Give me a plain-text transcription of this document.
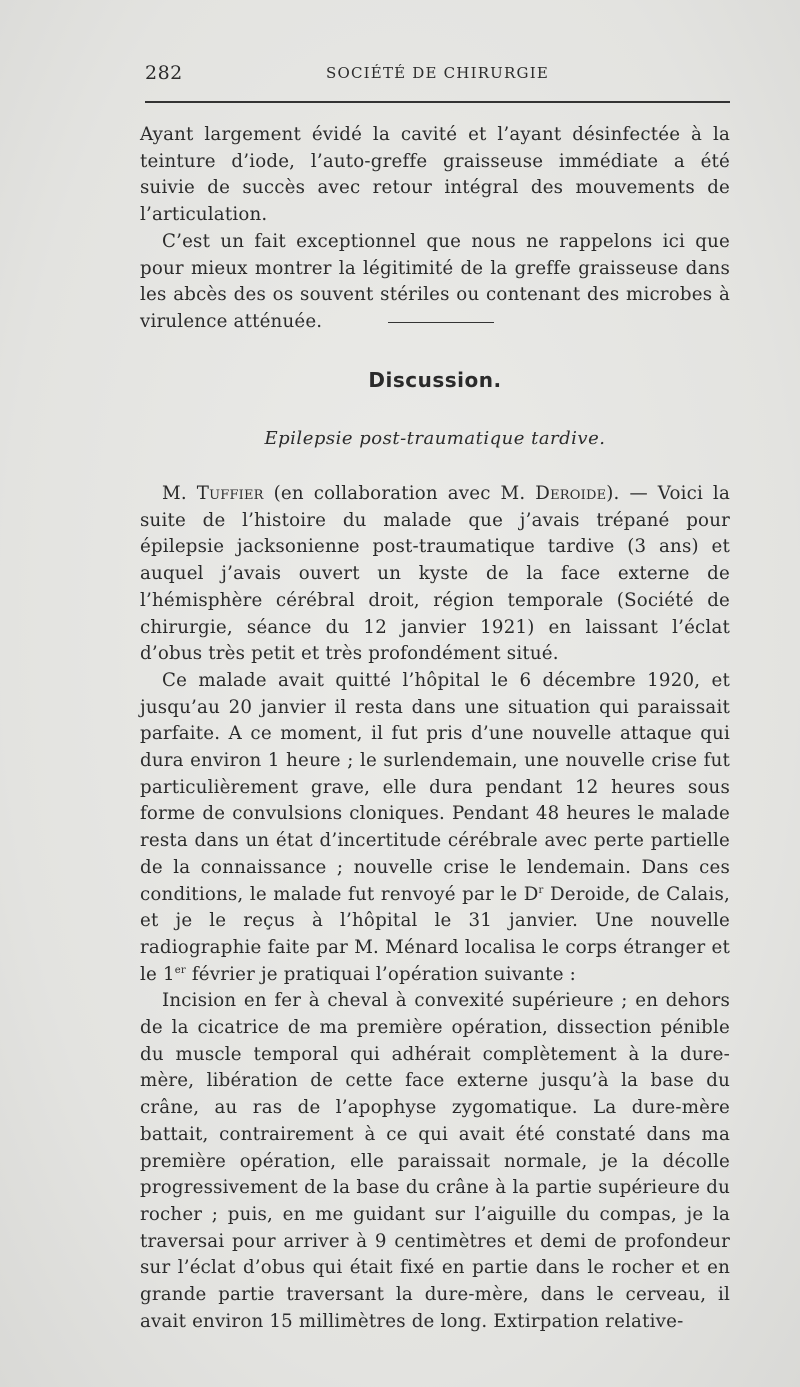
282	SOCIÉTÉ DE CHIRURGIE

Ayant largement évidé la cavité et l’ayant désinfectée à la teinture d’iode, l’auto-greffe graisseuse immédiate a été suivie de succès avec retour intégral des mouvements de l’articulation.

C’est un fait exceptionnel que nous ne rappelons ici que pour mieux montrer la légitimité de la greffe graisseuse dans les abcès des os souvent stériles ou contenant des microbes à virulence atténuée.

Discussion.
Epilepsie post-traumatique tardive.

M. Tuffier (en collaboration avec M. Deroide). — Voici la suite de l’histoire du malade que j’avais trépané pour épilepsie jacksonienne post-traumatique tardive (3 ans) et auquel j’avais ouvert un kyste de la face externe de l’hémisphère cérébral droit, région temporale (Société de chirurgie, séance du 12 janvier 1921) en laissant l’éclat d’obus très petit et très profondément situé.

Ce malade avait quitté l’hôpital le 6 décembre 1920, et jusqu’au 20 janvier il resta dans une situation qui paraissait parfaite. A ce moment, il fut pris d’une nouvelle attaque qui dura environ 1 heure ; le surlendemain, une nouvelle crise fut particulièrement grave, elle dura pendant 12 heures sous forme de convulsions cloniques. Pendant 48 heures le malade resta dans un état d’incertitude cérébrale avec perte partielle de la connaissance ; nouvelle crise le lendemain. Dans ces conditions, le malade fut renvoyé par le $D^r$ Deroide, de Calais, et je le reçus à l’hôpital le 31 janvier. Une nouvelle radiographie faite par M. Ménard localisa le corps étranger et le 1er février je pratiquai l’opération suivante :

Incision en fer à cheval à convexité supérieure ; en dehors de la cicatrice de ma première opération, dissection pénible du muscle temporal qui adhérait complètement à la dure-mère, libération de cette face externe jusqu’à la base du crâne, au ras de l’apophyse zygomatique. La dure-mère battait, contrairement à ce qui avait été constaté dans ma première opération, elle paraissait normale, je la décolle progressivement de la base du crâne à la partie supérieure du rocher ; puis, en me guidant sur l’aiguille du compas, je la traversai pour arriver à 9 centimètres et demi de profondeur sur l’éclat d’obus qui était fixé en partie dans le rocher et en grande partie traversant la dure-mère, dans le cerveau, il avait environ 15 millimètres de long. Extirpation relative-
